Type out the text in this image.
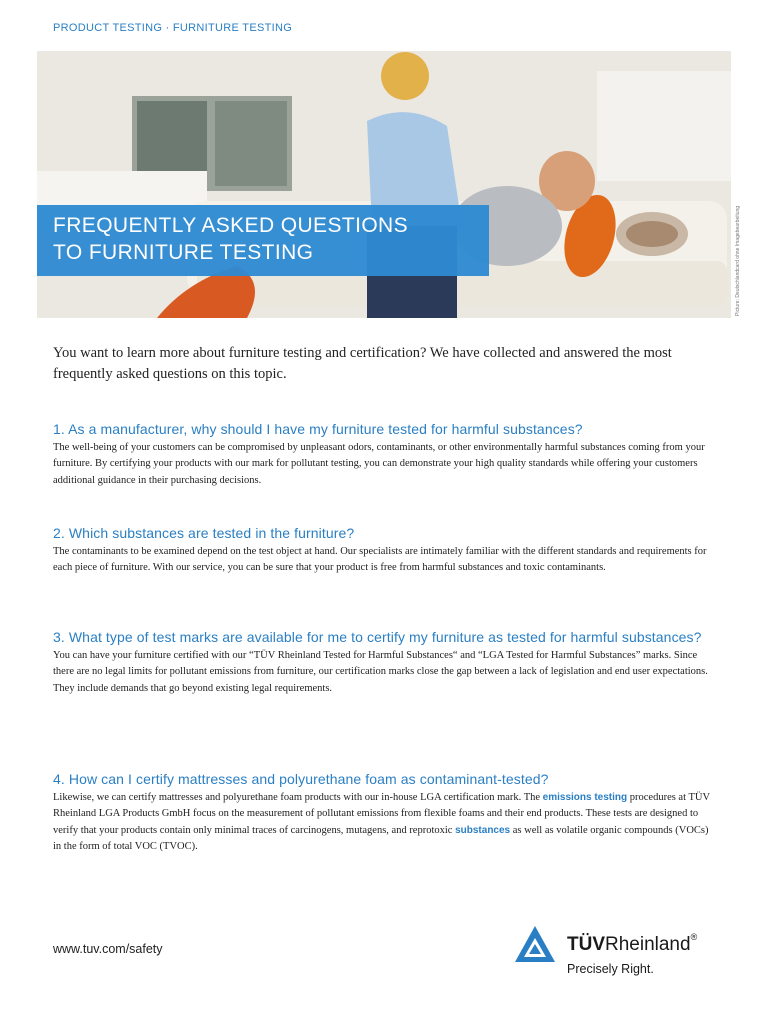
PRODUCT TESTING · FURNITURE TESTING
FREQUENTLY ASKED QUESTIONS
TO FURNITURE TESTING	Picture: Deutschlandcard ohne Imagebearbeitung
You want to learn more about furniture testing and certification? We have collected and answered the most frequently asked questions on this topic.
1. As a manufacturer, why should I have my furniture tested for harmful substances?

The well-being of your customers can be compromised by unpleasant odors, contaminants, or other environmentally harmful substances coming from your furniture. By certifying your products with our mark for pollutant testing, you can demonstrate your high quality standards while offering your customers additional guidance in their purchasing decisions.

2. Which substances are tested in the furniture?

The contaminants to be examined depend on the test object at hand. Our specialists are intimately familiar with the different standards and requirements for each piece of furniture. With our service, you can be sure that your product is free from harmful substances and toxic contaminants.

3. What type of test marks are available for me to certify my furniture as tested for harmful substances?

You can have your furniture certified with our “TÜV Rheinland Tested for Harmful Substances“ and “LGA Tested for Harmful Substances” marks. Since there are no legal limits for pollutant emissions from furniture, our certification marks close the gap between a lack of legislation and end user expectations. They include demands that go beyond existing legal requirements.

4. How can I certify mattresses and polyurethane foam as contaminant-tested?

Likewise, we can certify mattresses and polyurethane foam products with our in-house LGA certification mark. The emissions testing procedures at TÜV Rheinland LGA Products GmbH focus on the measurement of pollutant emissions from flexible foams and their end products. These tests are designed to verify that your products contain only minimal traces of carcinogens, mutagens, and reprotoxic substances as well as volatile organic compounds (VOCs) in the form of total VOC (TVOC).

www.tuv.com/safety	TÜVRheinland®
Precisely Right.
